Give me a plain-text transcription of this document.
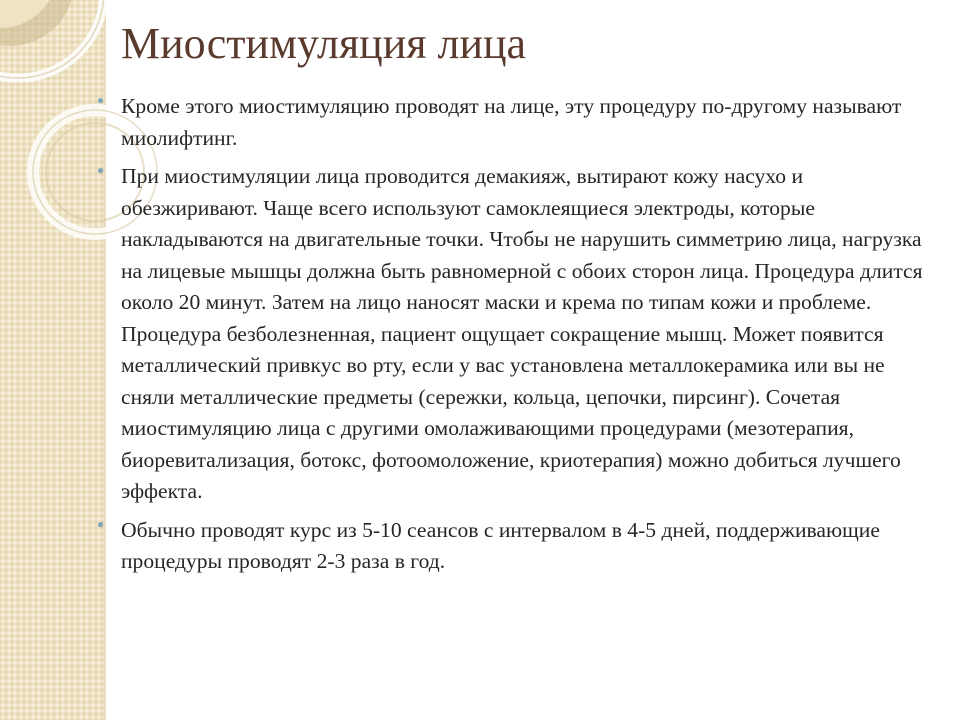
Миостимуляция лица
● Кроме этого миостимуляцию проводят на лице, эту процедуру по-другому называют миолифтинг.
● При миостимуляции лица проводится демакияж, вытирают кожу насухо и обезжиривают. Чаще всего используют самоклеящиеся электроды, которые накладываются на двигательные точки. Чтобы не нарушить симметрию лица, нагрузка на лицевые мышцы должна быть равномерной с обоих сторон лица. Процедура длится около 20 минут. Затем на лицо наносят маски и крема по типам кожи и проблеме. Процедура безболезненная, пациент ощущает сокращение мышц. Может появится металлический привкус во рту, если у вас установлена металлокерамика или вы не сняли металлические предметы (сережки, кольца, цепочки, пирсинг). Сочетая миостимуляцию лица с другими омолаживающими процедурами (мезотерапия, биоревитализация, ботокс, фотоомоложение, криотерапия) можно добиться лучшего эффекта.
● Обычно проводят курс из 5-10 сеансов с интервалом в 4-5 дней, поддерживающие процедуры проводят 2-3 раза в год.
